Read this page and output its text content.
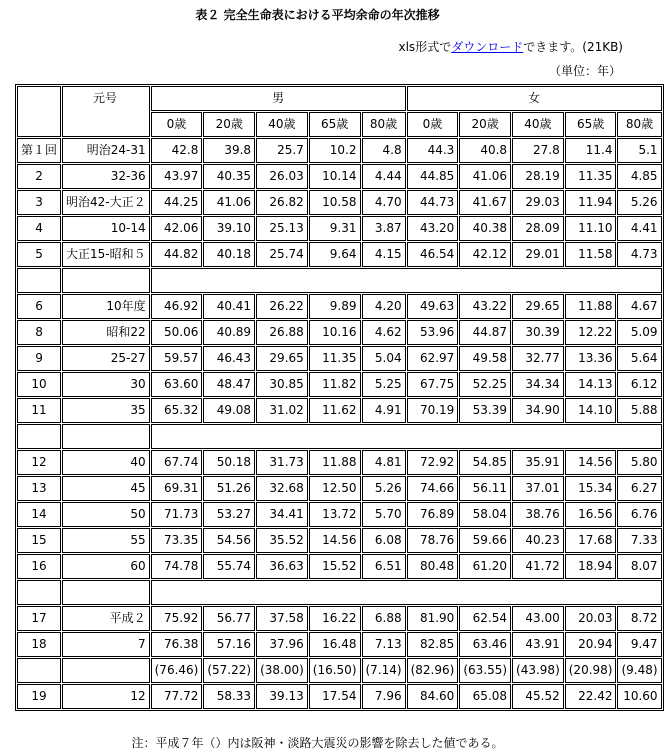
表２ 完全生命表における平均余命の年次推移
xls形式でダウンロードできます。(21KB)
（単位：年）
	元号	男					女				
		0歳	20歳	40歳	65歳	80歳	0歳	20歳	40歳	65歳	80歳
第１回	明治24-31	42.8	39.8	25.7	10.2	4.8	44.3	40.8	27.8	11.4	5.1
2	32-36	43.97	40.35	26.03	10.14	4.44	44.85	41.06	28.19	11.35	4.85
3	明治42-大正２	44.25	41.06	26.82	10.58	4.70	44.73	41.67	29.03	11.94	5.26
4	10-14	42.06	39.10	25.13	9.31	3.87	43.20	40.38	28.09	11.10	4.41
5	大正15-昭和５	44.82	40.18	25.74	9.64	4.15	46.54	42.12	29.01	11.58	4.73

6	10年度	46.92	40.41	26.22	9.89	4.20	49.63	43.22	29.65	11.88	4.67
8	昭和22	50.06	40.89	26.88	10.16	4.62	53.96	44.87	30.39	12.22	5.09
9	25-27	59.57	46.43	29.65	11.35	5.04	62.97	49.58	32.77	13.36	5.64
10	30	63.60	48.47	30.85	11.82	5.25	67.75	52.25	34.34	14.13	6.12
11	35	65.32	49.08	31.02	11.62	4.91	70.19	53.39	34.90	14.10	5.88

12	40	67.74	50.18	31.73	11.88	4.81	72.92	54.85	35.91	14.56	5.80
13	45	69.31	51.26	32.68	12.50	5.26	74.66	56.11	37.01	15.34	6.27
14	50	71.73	53.27	34.41	13.72	5.70	76.89	58.04	38.76	16.56	6.76
15	55	73.35	54.56	35.52	14.56	6.08	78.76	59.66	40.23	17.68	7.33
16	60	74.78	55.74	36.63	15.52	6.51	80.48	61.20	41.72	18.94	8.07

17	平成２	75.92	56.77	37.58	16.22	6.88	81.90	62.54	43.00	20.03	8.72
18	7	76.38	57.16	37.96	16.48	7.13	82.85	63.46	43.91	20.94	9.47
		(76.46)	(57.22)	(38.00)	(16.50)	(7.14)	(82.96)	(63.55)	(43.98)	(20.98)	(9.48)
19	12	77.72	58.33	39.13	17.54	7.96	84.60	65.08	45.52	22.42	10.60
注：平成７年（）内は阪神・淡路大震災の影響を除去した値である。
